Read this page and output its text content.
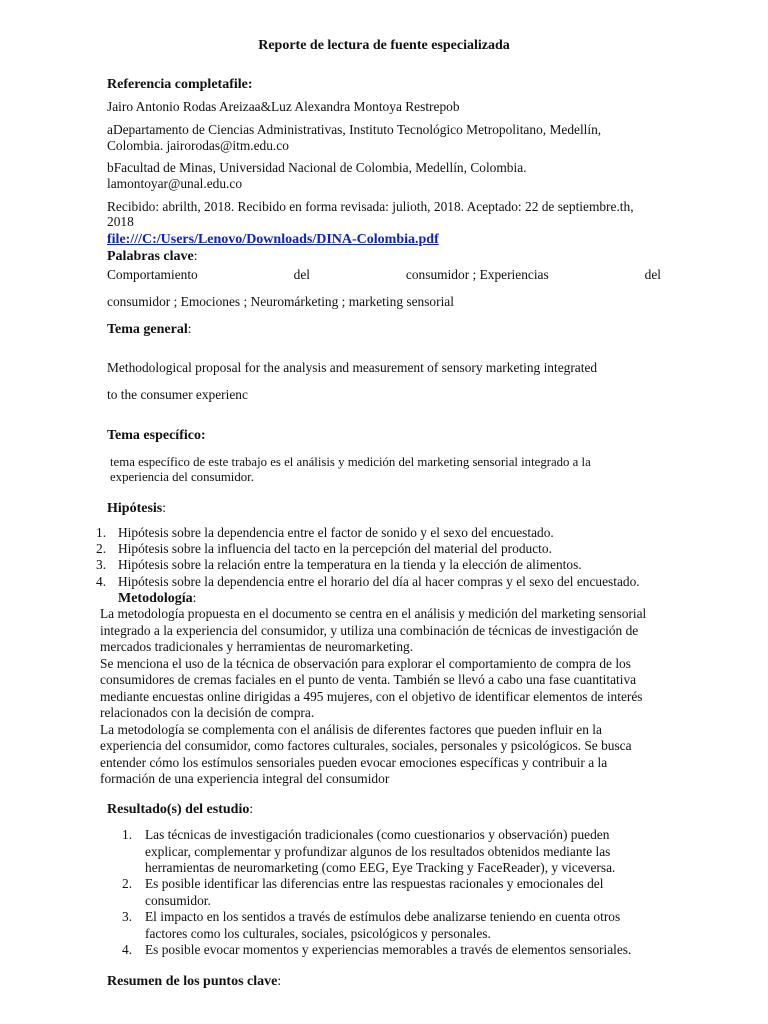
Reporte de lectura de fuente especializada
Referencia completafile:
Jairo Antonio Rodas Areizaa&Luz Alexandra Montoya Restrepob
aDepartamento de Ciencias Administrativas, Instituto Tecnológico Metropolitano, Medellín,
Colombia. jairorodas@itm.edu.co
bFacultad de Minas, Universidad Nacional de Colombia, Medellín, Colombia.
lamontoyar@unal.edu.co
Recibido: abrilth, 2018. Recibido en forma revisada: julioth, 2018. Aceptado: 22 de septiembre.th,
2018
file:///C:/Users/Lenovo/Downloads/DINA-Colombia.pdf
Palabras clave:
Comportamiento	del	consumidor ; Experiencias	del
consumidor ; Emociones ; Neuromárketing ; marketing sensorial
Tema general:
Methodological proposal for the analysis and measurement of sensory marketing integrated
to the consumer experienc
Tema específico:
tema específico de este trabajo es el análisis y medición del marketing sensorial integrado a la
experiencia del consumidor.
Hipótesis:
1. Hipótesis sobre la dependencia entre el factor de sonido y el sexo del encuestado.
2. Hipótesis sobre la influencia del tacto en la percepción del material del producto.
3. Hipótesis sobre la relación entre la temperatura en la tienda y la elección de alimentos.
4. Hipótesis sobre la dependencia entre el horario del día al hacer compras y el sexo del encuestado.
Metodología:
La metodología propuesta en el documento se centra en el análisis y medición del marketing sensorial
integrado a la experiencia del consumidor, y utiliza una combinación de técnicas de investigación de
mercados tradicionales y herramientas de neuromarketing.
Se menciona el uso de la técnica de observación para explorar el comportamiento de compra de los
consumidores de cremas faciales en el punto de venta. También se llevó a cabo una fase cuantitativa
mediante encuestas online dirigidas a 495 mujeres, con el objetivo de identificar elementos de interés
relacionados con la decisión de compra.
La metodología se complementa con el análisis de diferentes factores que pueden influir en la
experiencia del consumidor, como factores culturales, sociales, personales y psicológicos. Se busca
entender cómo los estímulos sensoriales pueden evocar emociones específicas y contribuir a la
formación de una experiencia integral del consumidor
Resultado(s) del estudio:
1. Las técnicas de investigación tradicionales (como cuestionarios y observación) pueden
explicar, complementar y profundizar algunos de los resultados obtenidos mediante las
herramientas de neuromarketing (como EEG, Eye Tracking y FaceReader), y viceversa.
2. Es posible identificar las diferencias entre las respuestas racionales y emocionales del
consumidor.
3. El impacto en los sentidos a través de estímulos debe analizarse teniendo en cuenta otros
factores como los culturales, sociales, psicológicos y personales.
4. Es posible evocar momentos y experiencias memorables a través de elementos sensoriales.
Resumen de los puntos clave:
